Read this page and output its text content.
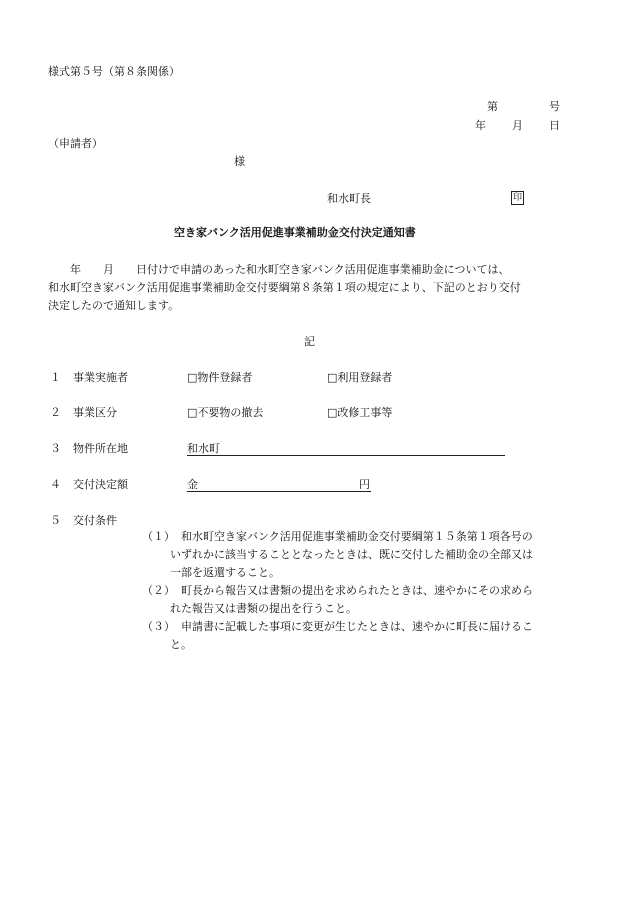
様式第５号（第８条関係）
第	号
年 月 日
（申請者）
様
和水町長	印
空き家バンク活用促進事業補助金交付決定通知書
　　年　　月　　日付けで申請のあった和水町空き家バンク活用促進事業補助金については、
和水町空き家バンク活用促進事業補助金交付要綱第８条第１項の規定により、下記のとおり交付
決定したので通知します。
記
１ 事業実施者	□物件登録者	□利用登録者
２ 事業区分	□不要物の撤去	□改修工事等
３ 物件所在地	和水町
４ 交付決定額	金	円
５ 交付条件
（１）
　和水町空き家バンク活用促進事業補助金交付要綱第１５条第１項各号の
いずれかに該当することとなったときは、既に交付した補助金の全部又は
一部を返還すること。
（２）
　町長から報告又は書類の提出を求められたときは、速やかにその求めら
れた報告又は書類の提出を行うこと。
（３）
　申請書に記載した事項に変更が生じたときは、速やかに町長に届けるこ
と。
